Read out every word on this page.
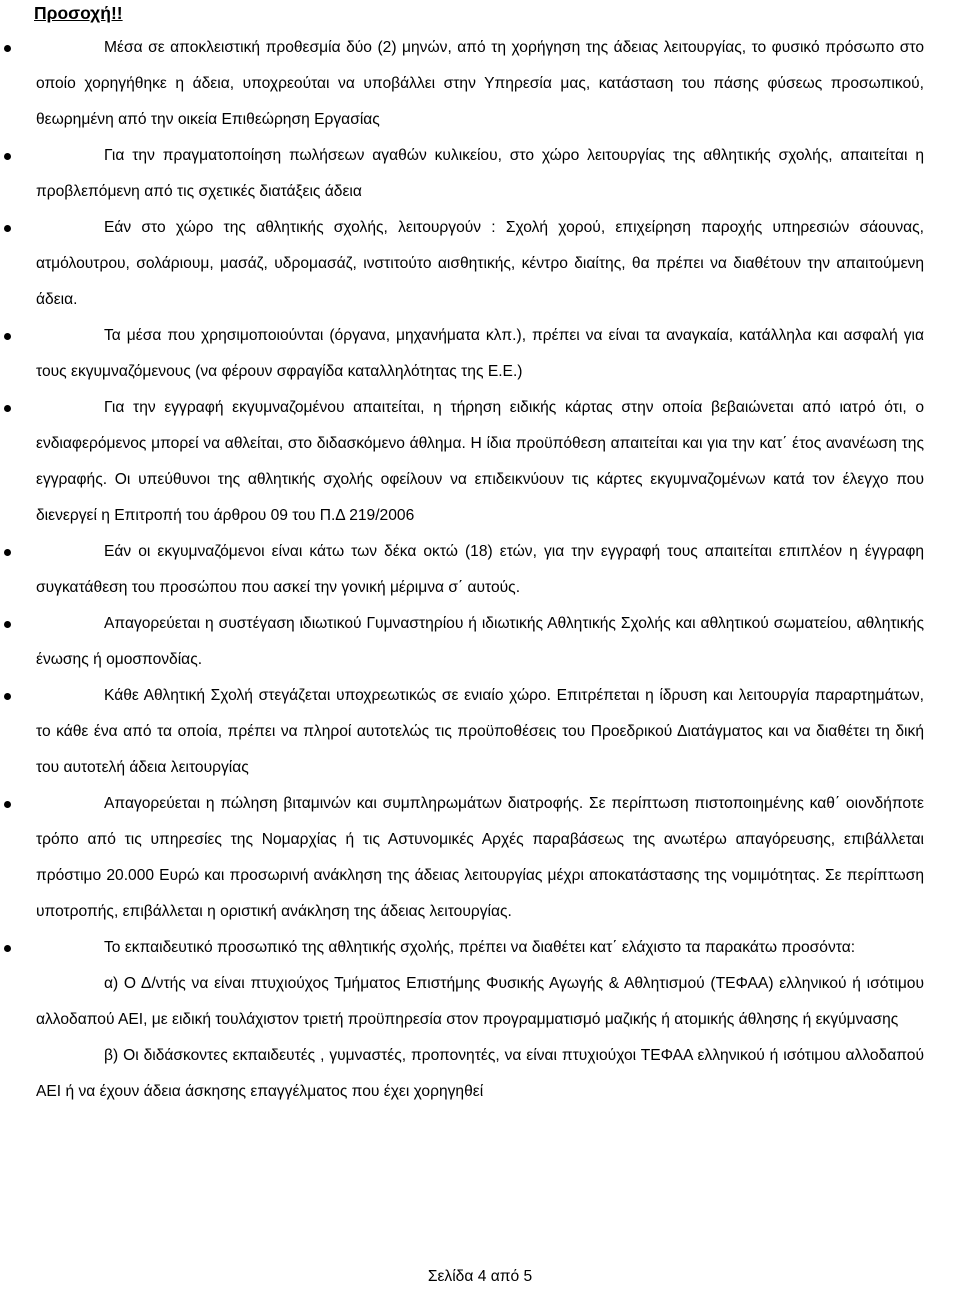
Προσοχή!!
Μέσα σε αποκλειστική προθεσμία δύο (2) μηνών, από τη χορήγηση της άδειας λειτουργίας, το φυσικό πρόσωπο στο οποίο χορηγήθηκε η άδεια, υποχρεούται να υποβάλλει στην Υπηρεσία μας, κατάσταση του πάσης φύσεως προσωπικού, θεωρημένη από την οικεία Επιθεώρηση Εργασίας
Για την πραγματοποίηση πωλήσεων αγαθών κυλικείου, στο χώρο λειτουργίας της αθλητικής σχολής, απαιτείται η προβλεπόμενη από τις σχετικές διατάξεις άδεια
Εάν στο χώρο της αθλητικής σχολής, λειτουργούν : Σχολή χορού, επιχείρηση παροχής υπηρεσιών σάουνας, ατμόλουτρου, σολάριουμ, μασάζ, υδρομασάζ, ινστιτούτο αισθητικής, κέντρο διαίτης, θα πρέπει να διαθέτουν την απαιτούμενη άδεια.
Τα μέσα που χρησιμοποιούνται (όργανα, μηχανήματα κλπ.), πρέπει να είναι τα αναγκαία, κατάλληλα και ασφαλή για τους εκγυμναζόμενους (να φέρουν σφραγίδα καταλληλότητας της Ε.Ε.)
Για την εγγραφή εκγυμναζομένου απαιτείται, η τήρηση ειδικής κάρτας στην οποία βεβαιώνεται από ιατρό ότι, ο ενδιαφερόμενος μπορεί να αθλείται, στο διδασκόμενο άθλημα. Η ίδια προϋπόθεση απαιτείται και για την κατ΄ έτος ανανέωση της εγγραφής. Οι υπεύθυνοι της αθλητικής σχολής οφείλουν να επιδεικνύουν τις κάρτες εκγυμναζομένων κατά τον έλεγχο που διενεργεί η Επιτροπή του άρθρου 09 του Π.Δ 219/2006
Εάν οι εκγυμναζόμενοι είναι κάτω των δέκα οκτώ (18) ετών, για την εγγραφή τους απαιτείται επιπλέον η έγγραφη συγκατάθεση του προσώπου που ασκεί την γονική μέριμνα σ΄ αυτούς.
Απαγορεύεται η συστέγαση ιδιωτικού Γυμναστηρίου ή ιδιωτικής Αθλητικής Σχολής και αθλητικού σωματείου, αθλητικής ένωσης ή ομοσπονδίας.
Κάθε Αθλητική Σχολή στεγάζεται υποχρεωτικώς σε ενιαίο χώρο. Επιτρέπεται η ίδρυση και λειτουργία παραρτημάτων, το κάθε ένα από τα οποία, πρέπει να πληροί αυτοτελώς τις προϋποθέσεις του Προεδρικού Διατάγματος και να διαθέτει τη δική του αυτοτελή άδεια λειτουργίας
Απαγορεύεται η πώληση βιταμινών και συμπληρωμάτων διατροφής. Σε περίπτωση πιστοποιημένης καθ΄ οιονδήποτε τρόπο από τις υπηρεσίες της Νομαρχίας ή τις Αστυνομικές Αρχές παραβάσεως της ανωτέρω απαγόρευσης, επιβάλλεται πρόστιμο 20.000 Ευρώ και προσωρινή ανάκληση της άδειας λειτουργίας μέχρι αποκατάστασης της νομιμότητας. Σε περίπτωση υποτροπής, επιβάλλεται η οριστική ανάκληση της άδειας λειτουργίας.
Το εκπαιδευτικό προσωπικό της αθλητικής σχολής, πρέπει να διαθέτει κατ΄ ελάχιστο τα παρακάτω προσόντα:
α) Ο Δ/ντής να είναι πτυχιούχος Τμήματος Επιστήμης Φυσικής Αγωγής & Αθλητισμού (ΤΕΦΑΑ) ελληνικού ή ισότιμου αλλοδαπού ΑΕΙ, με ειδική τουλάχιστον τριετή προϋπηρεσία στον προγραμματισμό μαζικής ή ατομικής άθλησης ή εκγύμνασης
β) Οι διδάσκοντες εκπαιδευτές , γυμναστές, προπονητές, να είναι πτυχιούχοι ΤΕΦΑΑ ελληνικού ή ισότιμου αλλοδαπού ΑΕΙ ή να έχουν άδεια άσκησης επαγγέλματος που έχει χορηγηθεί
Σελίδα 4 από 5
